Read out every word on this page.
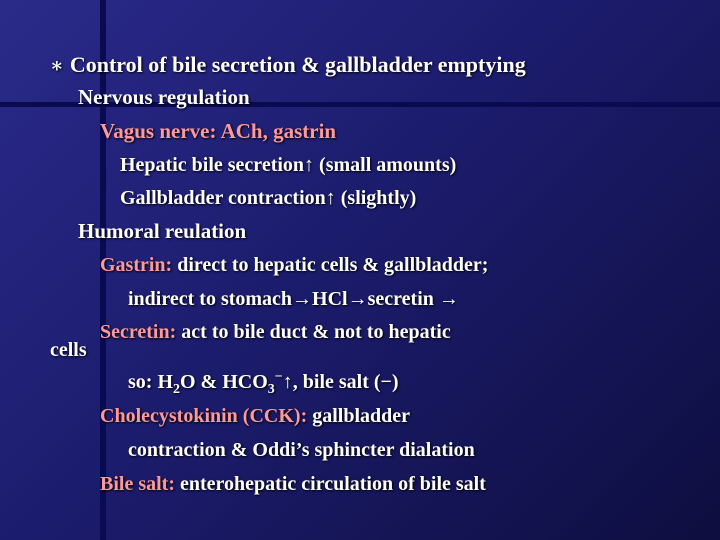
∗ Control of bile secretion & gallbladder emptying
Nervous regulation
Vagus nerve: ACh, gastrin
Hepatic bile secretion↑ (small amounts)
Gallbladder contraction↑ (slightly)
Humoral reulation
Gastrin: direct to hepatic cells & gallbladder;
indirect to stomach→HCl→secretin →
Secretin: act to bile duct & not to hepatic
cells
so: $H_2O$ & $HCO_3^-↑$, bile salt (−)
Cholecystokinin (CCK): gallbladder
contraction & Oddi’s sphincter dialation
Bile salt: enterohepatic circulation of bile salt
